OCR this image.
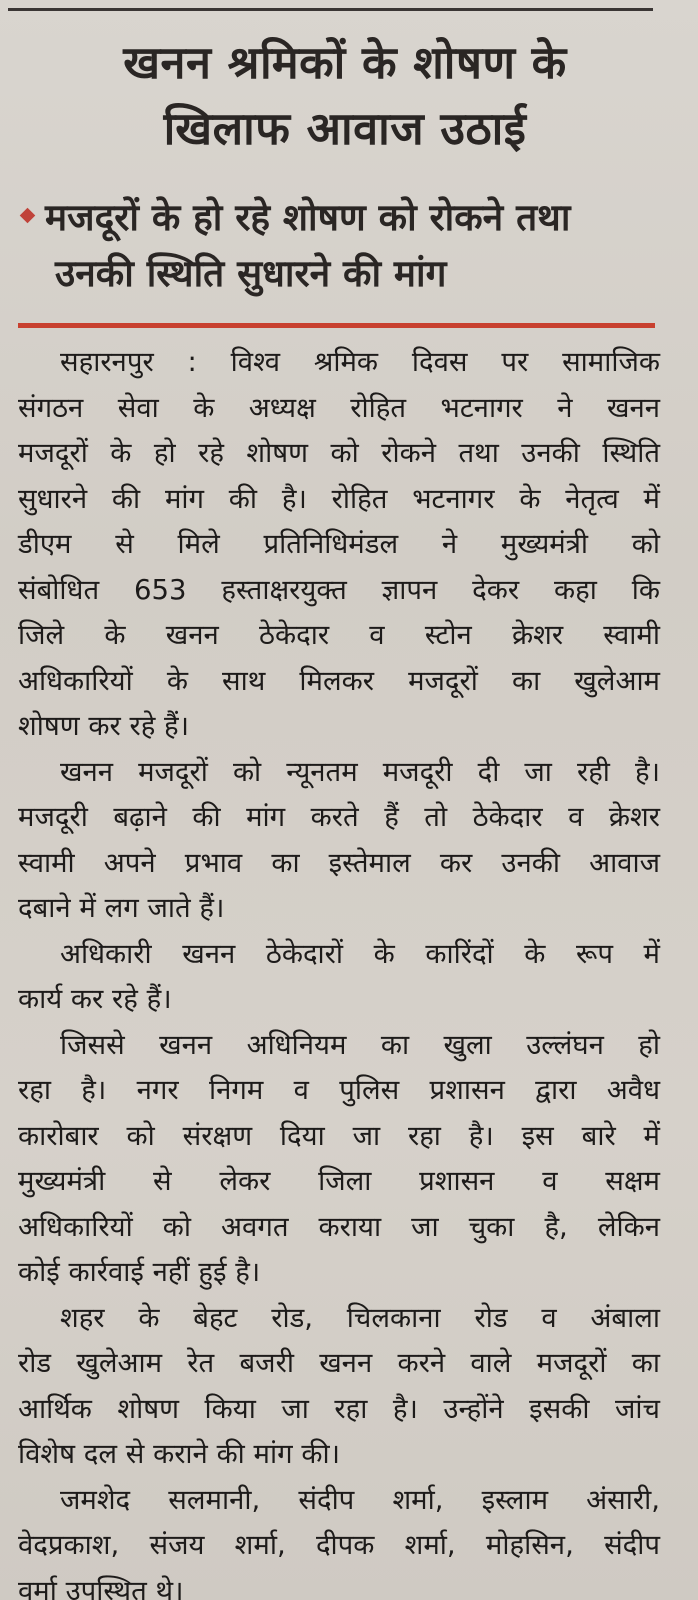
खनन श्रमिकों के शोषण के
खिलाफ आवाज उठाई
मजदूरों के हो रहे शोषण को रोकने तथा
उनकी स्थिति सुधारने की मांग
सहारनपुर : विश्व श्रमिक दिवस पर सामाजिक
संगठन सेवा के अध्यक्ष रोहित भटनागर ने खनन
मजदूरों के हो रहे शोषण को रोकने तथा उनकी स्थिति
सुधारने की मांग की है। रोहित भटनागर के नेतृत्व में
डीएम से मिले प्रतिनिधिमंडल ने मुख्यमंत्री को
संबोधित 653 हस्ताक्षरयुक्त ज्ञापन देकर कहा कि
जिले के खनन ठेकेदार व स्टोन क्रेशर स्वामी
अधिकारियों के साथ मिलकर मजदूरों का खुलेआम
शोषण कर रहे हैं।
खनन मजदूरों को न्यूनतम मजदूरी दी जा रही है।
मजदूरी बढ़ाने की मांग करते हैं तो ठेकेदार व क्रेशर
स्वामी अपने प्रभाव का इस्तेमाल कर उनकी आवाज
दबाने में लग जाते हैं।
अधिकारी खनन ठेकेदारों के कारिंदों के रूप में
कार्य कर रहे हैं।
जिससे खनन अधिनियम का खुला उल्लंघन हो
रहा है। नगर निगम व पुलिस प्रशासन द्वारा अवैध
कारोबार को संरक्षण दिया जा रहा है। इस बारे में
मुख्यमंत्री से लेकर जिला प्रशासन व सक्षम
अधिकारियों को अवगत कराया जा चुका है, लेकिन
कोई कार्रवाई नहीं हुई है।
शहर के बेहट रोड, चिलकाना रोड व अंबाला
रोड खुलेआम रेत बजरी खनन करने वाले मजदूरों का
आर्थिक शोषण किया जा रहा है। उन्होंने इसकी जांच
विशेष दल से कराने की मांग की।
जमशेद सलमानी, संदीप शर्मा, इस्लाम अंसारी,
वेदप्रकाश, संजय शर्मा, दीपक शर्मा, मोहसिन, संदीप
वर्मा उपस्थित थे।
